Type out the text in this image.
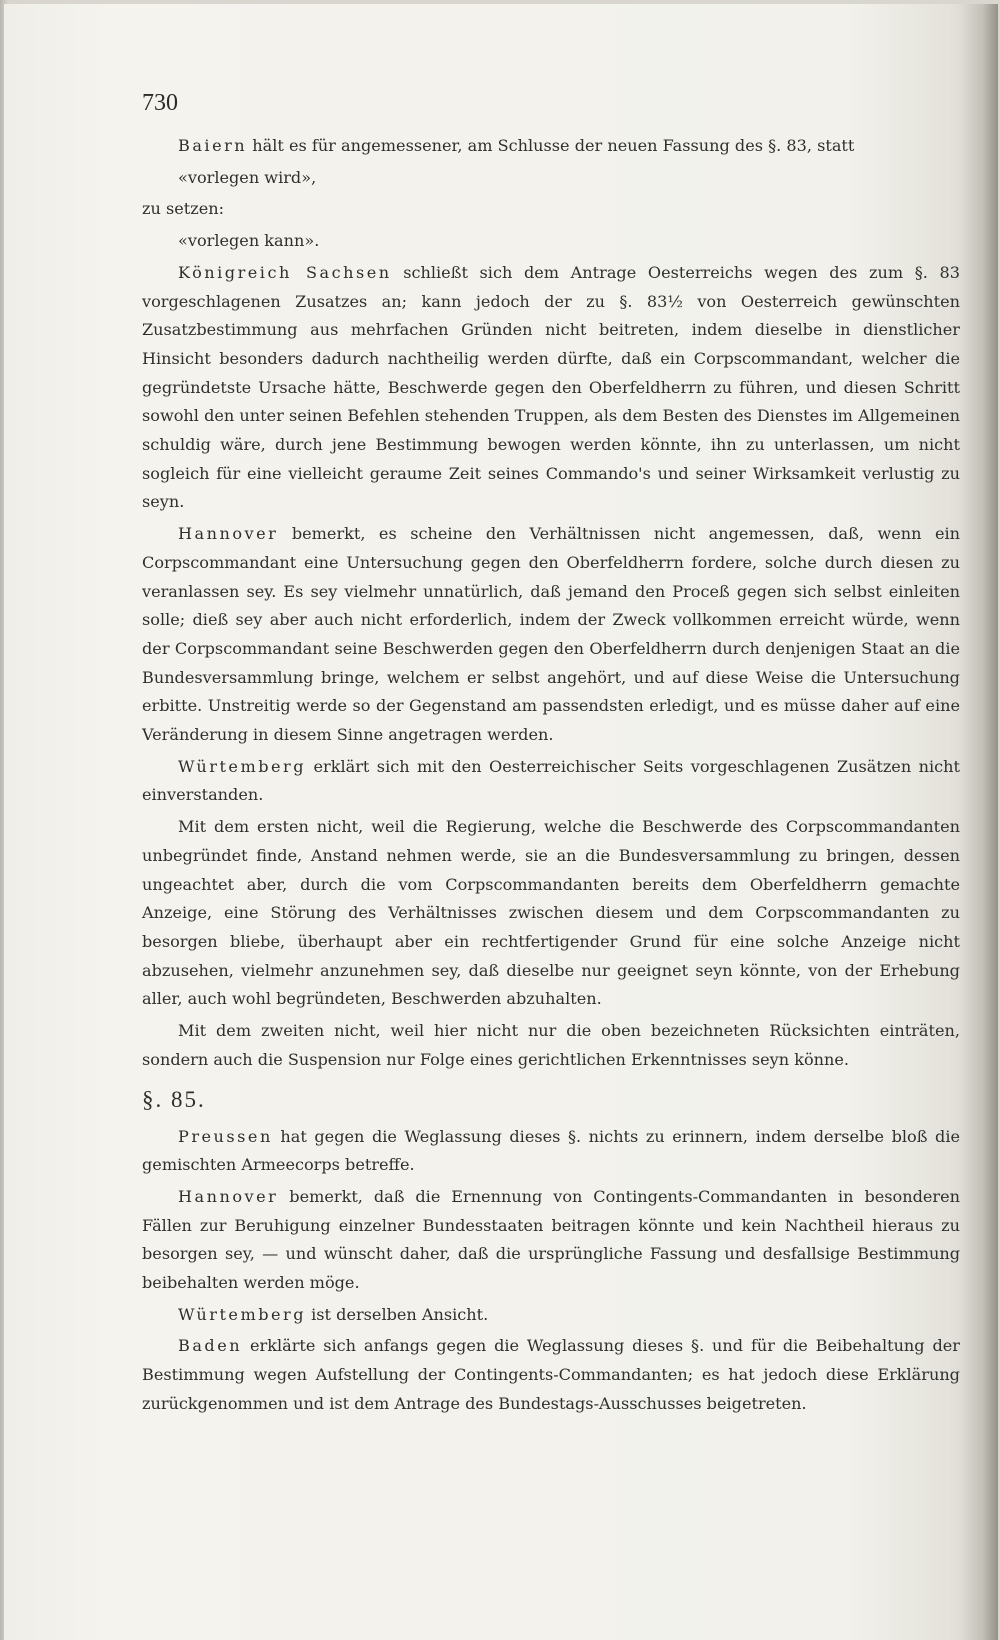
730

Baiern hält es für angemessener, am Schlusse der neuen Fassung des §. 83, statt

«vorlegen wird»,

zu setzen:

«vorlegen kann».

Königreich Sachsen schließt sich dem Antrage Oesterreichs wegen des zum §. 83 vorgeschlagenen Zusatzes an; kann jedoch der zu §. 83½ von Oesterreich gewünschten Zusatzbestimmung aus mehrfachen Gründen nicht beitreten, indem dieselbe in dienstlicher Hinsicht besonders dadurch nachtheilig werden dürfte, daß ein Corpscommandant, welcher die gegründetste Ursache hätte, Beschwerde gegen den Oberfeldherrn zu führen, und diesen Schritt sowohl den unter seinen Befehlen stehenden Truppen, als dem Besten des Dienstes im Allgemeinen schuldig wäre, durch jene Bestimmung bewogen werden könnte, ihn zu unterlassen, um nicht sogleich für eine vielleicht geraume Zeit seines Commando's und seiner Wirksamkeit verlustig zu seyn.

Hannover bemerkt, es scheine den Verhältnissen nicht angemessen, daß, wenn ein Corpscommandant eine Untersuchung gegen den Oberfeldherrn fordere, solche durch diesen zu veranlassen sey. Es sey vielmehr unnatürlich, daß jemand den Proceß gegen sich selbst einleiten solle; dieß sey aber auch nicht erforderlich, indem der Zweck vollkommen erreicht würde, wenn der Corpscommandant seine Beschwerden gegen den Oberfeldherrn durch denjenigen Staat an die Bundesversammlung bringe, welchem er selbst angehört, und auf diese Weise die Untersuchung erbitte. Unstreitig werde so der Gegenstand am passendsten erledigt, und es müsse daher auf eine Veränderung in diesem Sinne angetragen werden.

Würtemberg erklärt sich mit den Oesterreichischer Seits vorgeschlagenen Zusätzen nicht einverstanden.

Mit dem ersten nicht, weil die Regierung, welche die Beschwerde des Corpscommandanten unbegründet finde, Anstand nehmen werde, sie an die Bundesversammlung zu bringen, dessen ungeachtet aber, durch die vom Corpscommandanten bereits dem Oberfeldherrn gemachte Anzeige, eine Störung des Verhältnisses zwischen diesem und dem Corpscommandanten zu besorgen bliebe, überhaupt aber ein rechtfertigender Grund für eine solche Anzeige nicht abzusehen, vielmehr anzunehmen sey, daß dieselbe nur geeignet seyn könnte, von der Erhebung aller, auch wohl begründeten, Beschwerden abzuhalten.

Mit dem zweiten nicht, weil hier nicht nur die oben bezeichneten Rücksichten einträten, sondern auch die Suspension nur Folge eines gerichtlichen Erkenntnisses seyn könne.

§. 85.

Preussen hat gegen die Weglassung dieses §. nichts zu erinnern, indem derselbe bloß die gemischten Armeecorps betreffe.

Hannover bemerkt, daß die Ernennung von Contingents-Commandanten in besonderen Fällen zur Beruhigung einzelner Bundesstaaten beitragen könnte und kein Nachtheil hieraus zu besorgen sey, — und wünscht daher, daß die ursprüngliche Fassung und desfallsige Bestimmung beibehalten werden möge.

Würtemberg ist derselben Ansicht.

Baden erklärte sich anfangs gegen die Weglassung dieses §. und für die Beibehaltung der Bestimmung wegen Aufstellung der Contingents-Commandanten; es hat jedoch diese Erklärung zurückgenommen und ist dem Antrage des Bundestags-Ausschusses beigetreten.
